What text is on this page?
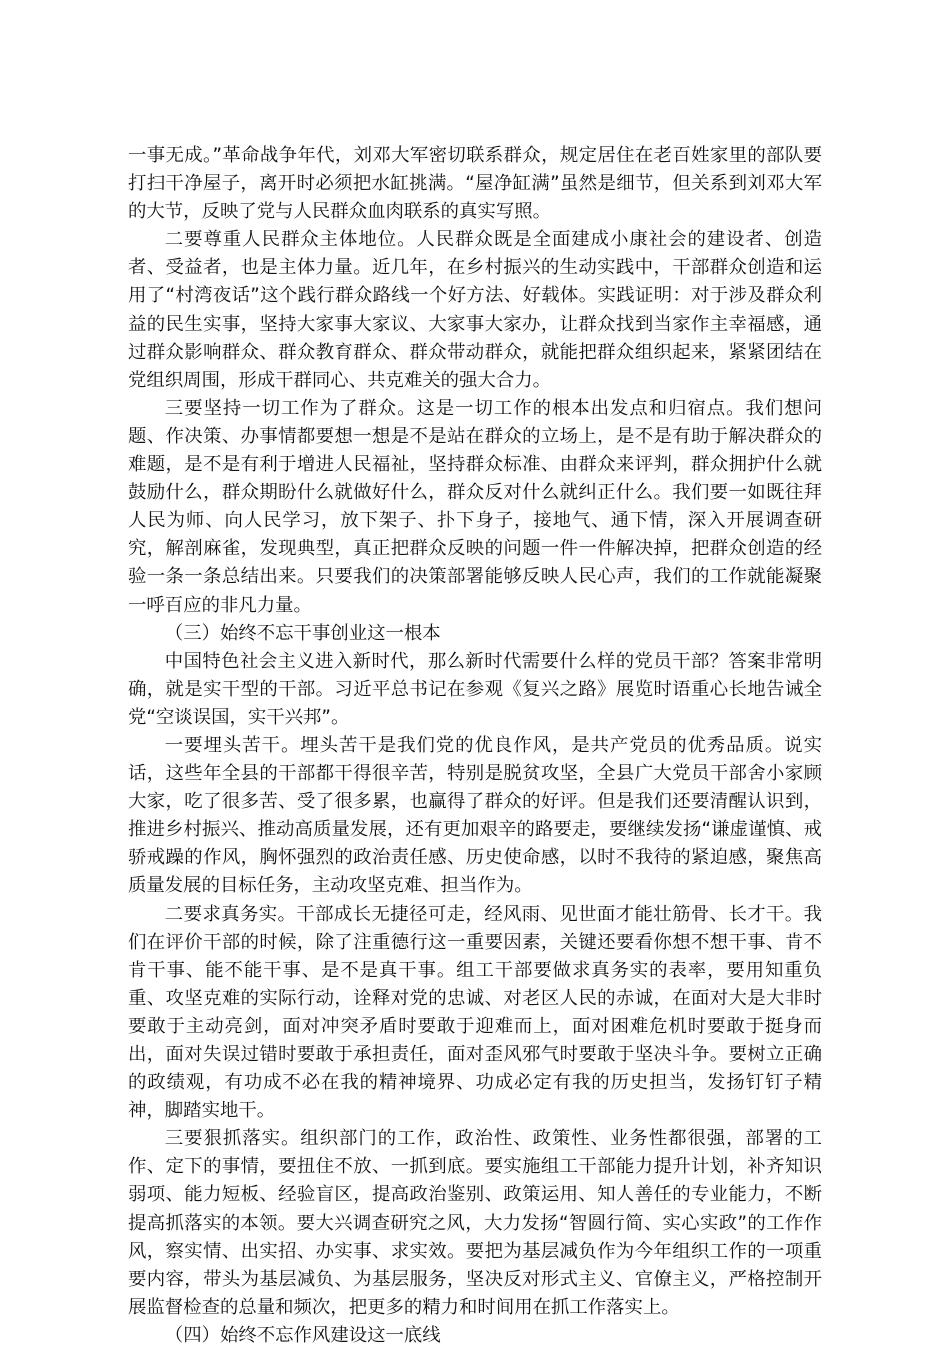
一事无成。”革命战争年代，刘邓大军密切联系群众，规定居住在老百姓家里的部队要打扫干净屋子，离开时必须把水缸挑满。“屋净缸满”虽然是细节，但关系到刘邓大军的大节，反映了党与人民群众血肉联系的真实写照。

二要尊重人民群众主体地位。人民群众既是全面建成小康社会的建设者、创造者、受益者，也是主体力量。近几年，在乡村振兴的生动实践中，干部群众创造和运用了“村湾夜话”这个践行群众路线一个好方法、好载体。实践证明：对于涉及群众利益的民生实事，坚持大家事大家议、大家事大家办，让群众找到当家作主幸福感，通过群众影响群众、群众教育群众、群众带动群众，就能把群众组织起来，紧紧团结在党组织周围，形成干群同心、共克难关的强大合力。

三要坚持一切工作为了群众。这是一切工作的根本出发点和归宿点。我们想问题、作决策、办事情都要想一想是不是站在群众的立场上，是不是有助于解决群众的难题，是不是有利于增进人民福祉，坚持群众标准、由群众来评判，群众拥护什么就鼓励什么，群众期盼什么就做好什么，群众反对什么就纠正什么。我们要一如既往拜人民为师、向人民学习，放下架子、扑下身子，接地气、通下情，深入开展调查研究，解剖麻雀，发现典型，真正把群众反映的问题一件一件解决掉，把群众创造的经验一条一条总结出来。只要我们的决策部署能够反映人民心声，我们的工作就能凝聚一呼百应的非凡力量。

（三）始终不忘干事创业这一根本

中国特色社会主义进入新时代，那么新时代需要什么样的党员干部？答案非常明确，就是实干型的干部。习近平总书记在参观《复兴之路》展览时语重心长地告诫全党“空谈误国，实干兴邦”。

一要埋头苦干。埋头苦干是我们党的优良作风，是共产党员的优秀品质。说实话，这些年全县的干部都干得很辛苦，特别是脱贫攻坚，全县广大党员干部舍小家顾大家，吃了很多苦、受了很多累，也赢得了群众的好评。但是我们还要清醒认识到，推进乡村振兴、推动高质量发展，还有更加艰辛的路要走，要继续发扬“谦虚谨慎、戒骄戒躁的作风，胸怀强烈的政治责任感、历史使命感，以时不我待的紧迫感，聚焦高质量发展的目标任务，主动攻坚克难、担当作为。

二要求真务实。干部成长无捷径可走，经风雨、见世面才能壮筋骨、长才干。我们在评价干部的时候，除了注重德行这一重要因素，关键还要看你想不想干事、肯不肯干事、能不能干事、是不是真干事。组工干部要做求真务实的表率，要用知重负重、攻坚克难的实际行动，诠释对党的忠诚、对老区人民的赤诚，在面对大是大非时要敢于主动亮剑，面对冲突矛盾时要敢于迎难而上，面对困难危机时要敢于挺身而出，面对失误过错时要敢于承担责任，面对歪风邪气时要敢于坚决斗争。要树立正确的政绩观，有功成不必在我的精神境界、功成必定有我的历史担当，发扬钉钉子精神，脚踏实地干。

三要狠抓落实。组织部门的工作，政治性、政策性、业务性都很强，部署的工作、定下的事情，要扭住不放、一抓到底。要实施组工干部能力提升计划，补齐知识弱项、能力短板、经验盲区，提高政治鉴别、政策运用、知人善任的专业能力，不断提高抓落实的本领。要大兴调查研究之风，大力发扬“智圆行简、实心实政”的工作作风，察实情、出实招、办实事、求实效。要把为基层减负作为今年组织工作的一项重要内容，带头为基层减负、为基层服务，坚决反对形式主义、官僚主义，严格控制开展监督检查的总量和频次，把更多的精力和时间用在抓工作落实上。

（四）始终不忘作风建设这一底线
